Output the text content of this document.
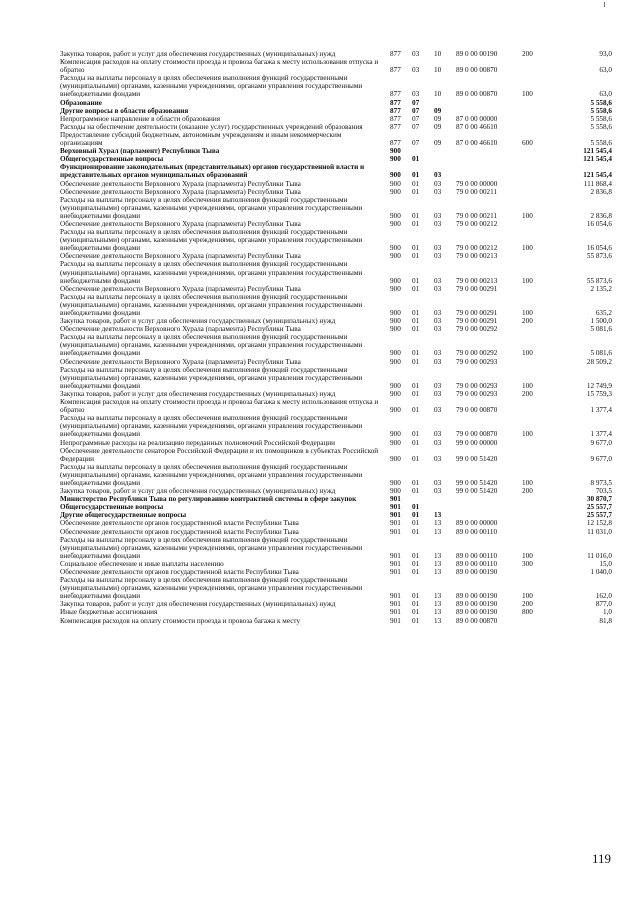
Закупка товаров, работ и услуг для обеспечения государственных (муниципальных) нужд	877	03	10	89 0 00 00190	200	93,0
Компенсация расходов на оплату стоимости проезда и провоза багажа к месту использования отпуска и обратно	877	03	10	89 0 00 00870	63,0
Расходы на выплаты персоналу в целях обеспечения выполнения функций государственными (муниципальными) органами, казенными учреждениями, органами управления государственными внебюджетными фондами	877	03	10	89 0 00 00870	100	63,0
Образование	877	07	5 558,6
Другие вопросы в области образования	877	07	09	5 558,6
Непрограммное направление в области образования	877	07	09	87 0 00 00000	5 558,6
Расходы на обеспечение деятельности (оказание услуг) государственных учреждений образования	877	07	09	87 0 00 46610	5 558,6
Предоставление субсидий бюджетным, автономным учреждениям и иным некоммерческим организациям	877	07	09	87 0 00 46610	600	5 558,6
Верховный Хурал (парламент) Республики Тыва	900	121 545,4
Общегосударственные вопросы	900	01	121 545,4
Функционирование законодательных (представительных) органов государственной власти и представительных органов муниципальных образований	900	01	03	121 545,4
Обеспечение деятельности Верховного Хурала (парламента) Республики Тыва	900	01	03	79 0 00 00000	111 868,4
Обеспечение деятельности Верховного Хурала (парламента) Республики Тыва	900	01	03	79 0 00 00211	2 836,8
Расходы на выплаты персоналу в целях обеспечения выполнения функций государственными (муниципальными) органами, казенными учреждениями, органами управления государственными внебюджетными фондами	900	01	03	79 0 00 00211	100	2 836,8
Обеспечение деятельности Верховного Хурала (парламента) Республики Тыва	900	01	03	79 0 00 00212	16 054,6
Расходы на выплаты персоналу в целях обеспечения выполнения функций государственными (муниципальными) органами, казенными учреждениями, органами управления государственными внебюджетными фондами	900	01	03	79 0 00 00212	100	16 054,6
Обеспечение деятельности Верховного Хурала (парламента) Республики Тыва	900	01	03	79 0 00 00213	55 873,6
Расходы на выплаты персоналу в целях обеспечения выполнения функций государственными (муниципальными) органами, казенными учреждениями, органами управления государственными внебюджетными фондами	900	01	03	79 0 00 00213	100	55 873,6
Обеспечение деятельности Верховного Хурала (парламента) Республики Тыва	900	01	03	79 0 00 00291	2 135,2
Расходы на выплаты персоналу в целях обеспечения выполнения функций государственными (муниципальными) органами, казенными учреждениями, органами управления государственными внебюджетными фондами	900	01	03	79 0 00 00291	100	635,2
Закупка товаров, работ и услуг для обеспечения государственных (муниципальных) нужд	900	01	03	79 0 00 00291	200	1 500,0
Обеспечение деятельности Верховного Хурала (парламента) Республики Тыва	900	01	03	79 0 00 00292	5 081,6
Расходы на выплаты персоналу в целях обеспечения выполнения функций государственными (муниципальными) органами, казенными учреждениями, органами управления государственными внебюджетными фондами	900	01	03	79 0 00 00292	100	5 081,6
Обеспечение деятельности Верховного Хурала (парламента) Республики Тыва	900	01	03	79 0 00 00293	28 509,2
Расходы на выплаты персоналу в целях обеспечения выполнения функций государственными (муниципальными) органами, казенными учреждениями, органами управления государственными внебюджетными фондами	900	01	03	79 0 00 00293	100	12 749,9
Закупка товаров, работ и услуг для обеспечения государственных (муниципальных) нужд	900	01	03	79 0 00 00293	200	15 759,3
Компенсация расходов на оплату стоимости проезда и провоза багажа к месту использования отпуска и обратно	900	01	03	79 0 00 00870	1 377,4
Расходы на выплаты персоналу в целях обеспечения выполнения функций государственными (муниципальными) органами, казенными учреждениями, органами управления государственными внебюджетными фондами	900	01	03	79 0 00 00870	100	1 377,4
Непрограммные расходы на реализацию переданных полномочий Российской Федерации	900	01	03	99 0 00 00000	9 677,0
Обеспечение деятельности сенаторов Российской Федерации и их помощников в субъектах Российской Федерации	900	01	03	99 0 00 51420	9 677,0
Расходы на выплаты персоналу в целях обеспечения выполнения функций государственными (муниципальными) органами, казенными учреждениями, органами управления государственными внебюджетными фондами	900	01	03	99 0 00 51420	100	8 973,5
Закупка товаров, работ и услуг для обеспечения государственных (муниципальных) нужд	900	01	03	99 0 00 51420	200	703,5
Министерство Республики Тыва по регулированию контрактной системы в сфере закупок	901	30 870,7
Общегосударственные вопросы	901	01	25 557,7
Другие общегосударственные вопросы	901	01	13	25 557,7
Обеспечение деятельности органов государственной власти Республики Тыва	901	01	13	89 0 00 00000	12 152,8
Обеспечение деятельности органов государственной власти Республики Тыва	901	01	13	89 0 00 00110	11 031,0
Расходы на выплаты персоналу в целях обеспечения выполнения функций государственными (муниципальными) органами, казенными учреждениями, органами управления государственными внебюджетными фондами	901	01	13	89 0 00 00110	100	11 016,0
Социальное обеспечение и иные выплаты населению	901	01	13	89 0 00 00110	300	15,0
Обеспечение деятельности органов государственной власти Республики Тыва	901	01	13	89 0 00 00190	1 040,0
Расходы на выплаты персоналу в целях обеспечения выполнения функций государственными (муниципальными) органами, казенными учреждениями, органами управления государственными внебюджетными фондами	901	01	13	89 0 00 00190	100	162,0
Закупка товаров, работ и услуг для обеспечения государственных (муниципальных) нужд	901	01	13	89 0 00 00190	200	877,0
Иные бюджетные ассигнования	901	01	13	89 0 00 00190	800	1,0
Компенсация расходов на оплату стоимости проезда и провоза багажа к месту	901	01	13	89 0 00 00870	81,8
119
